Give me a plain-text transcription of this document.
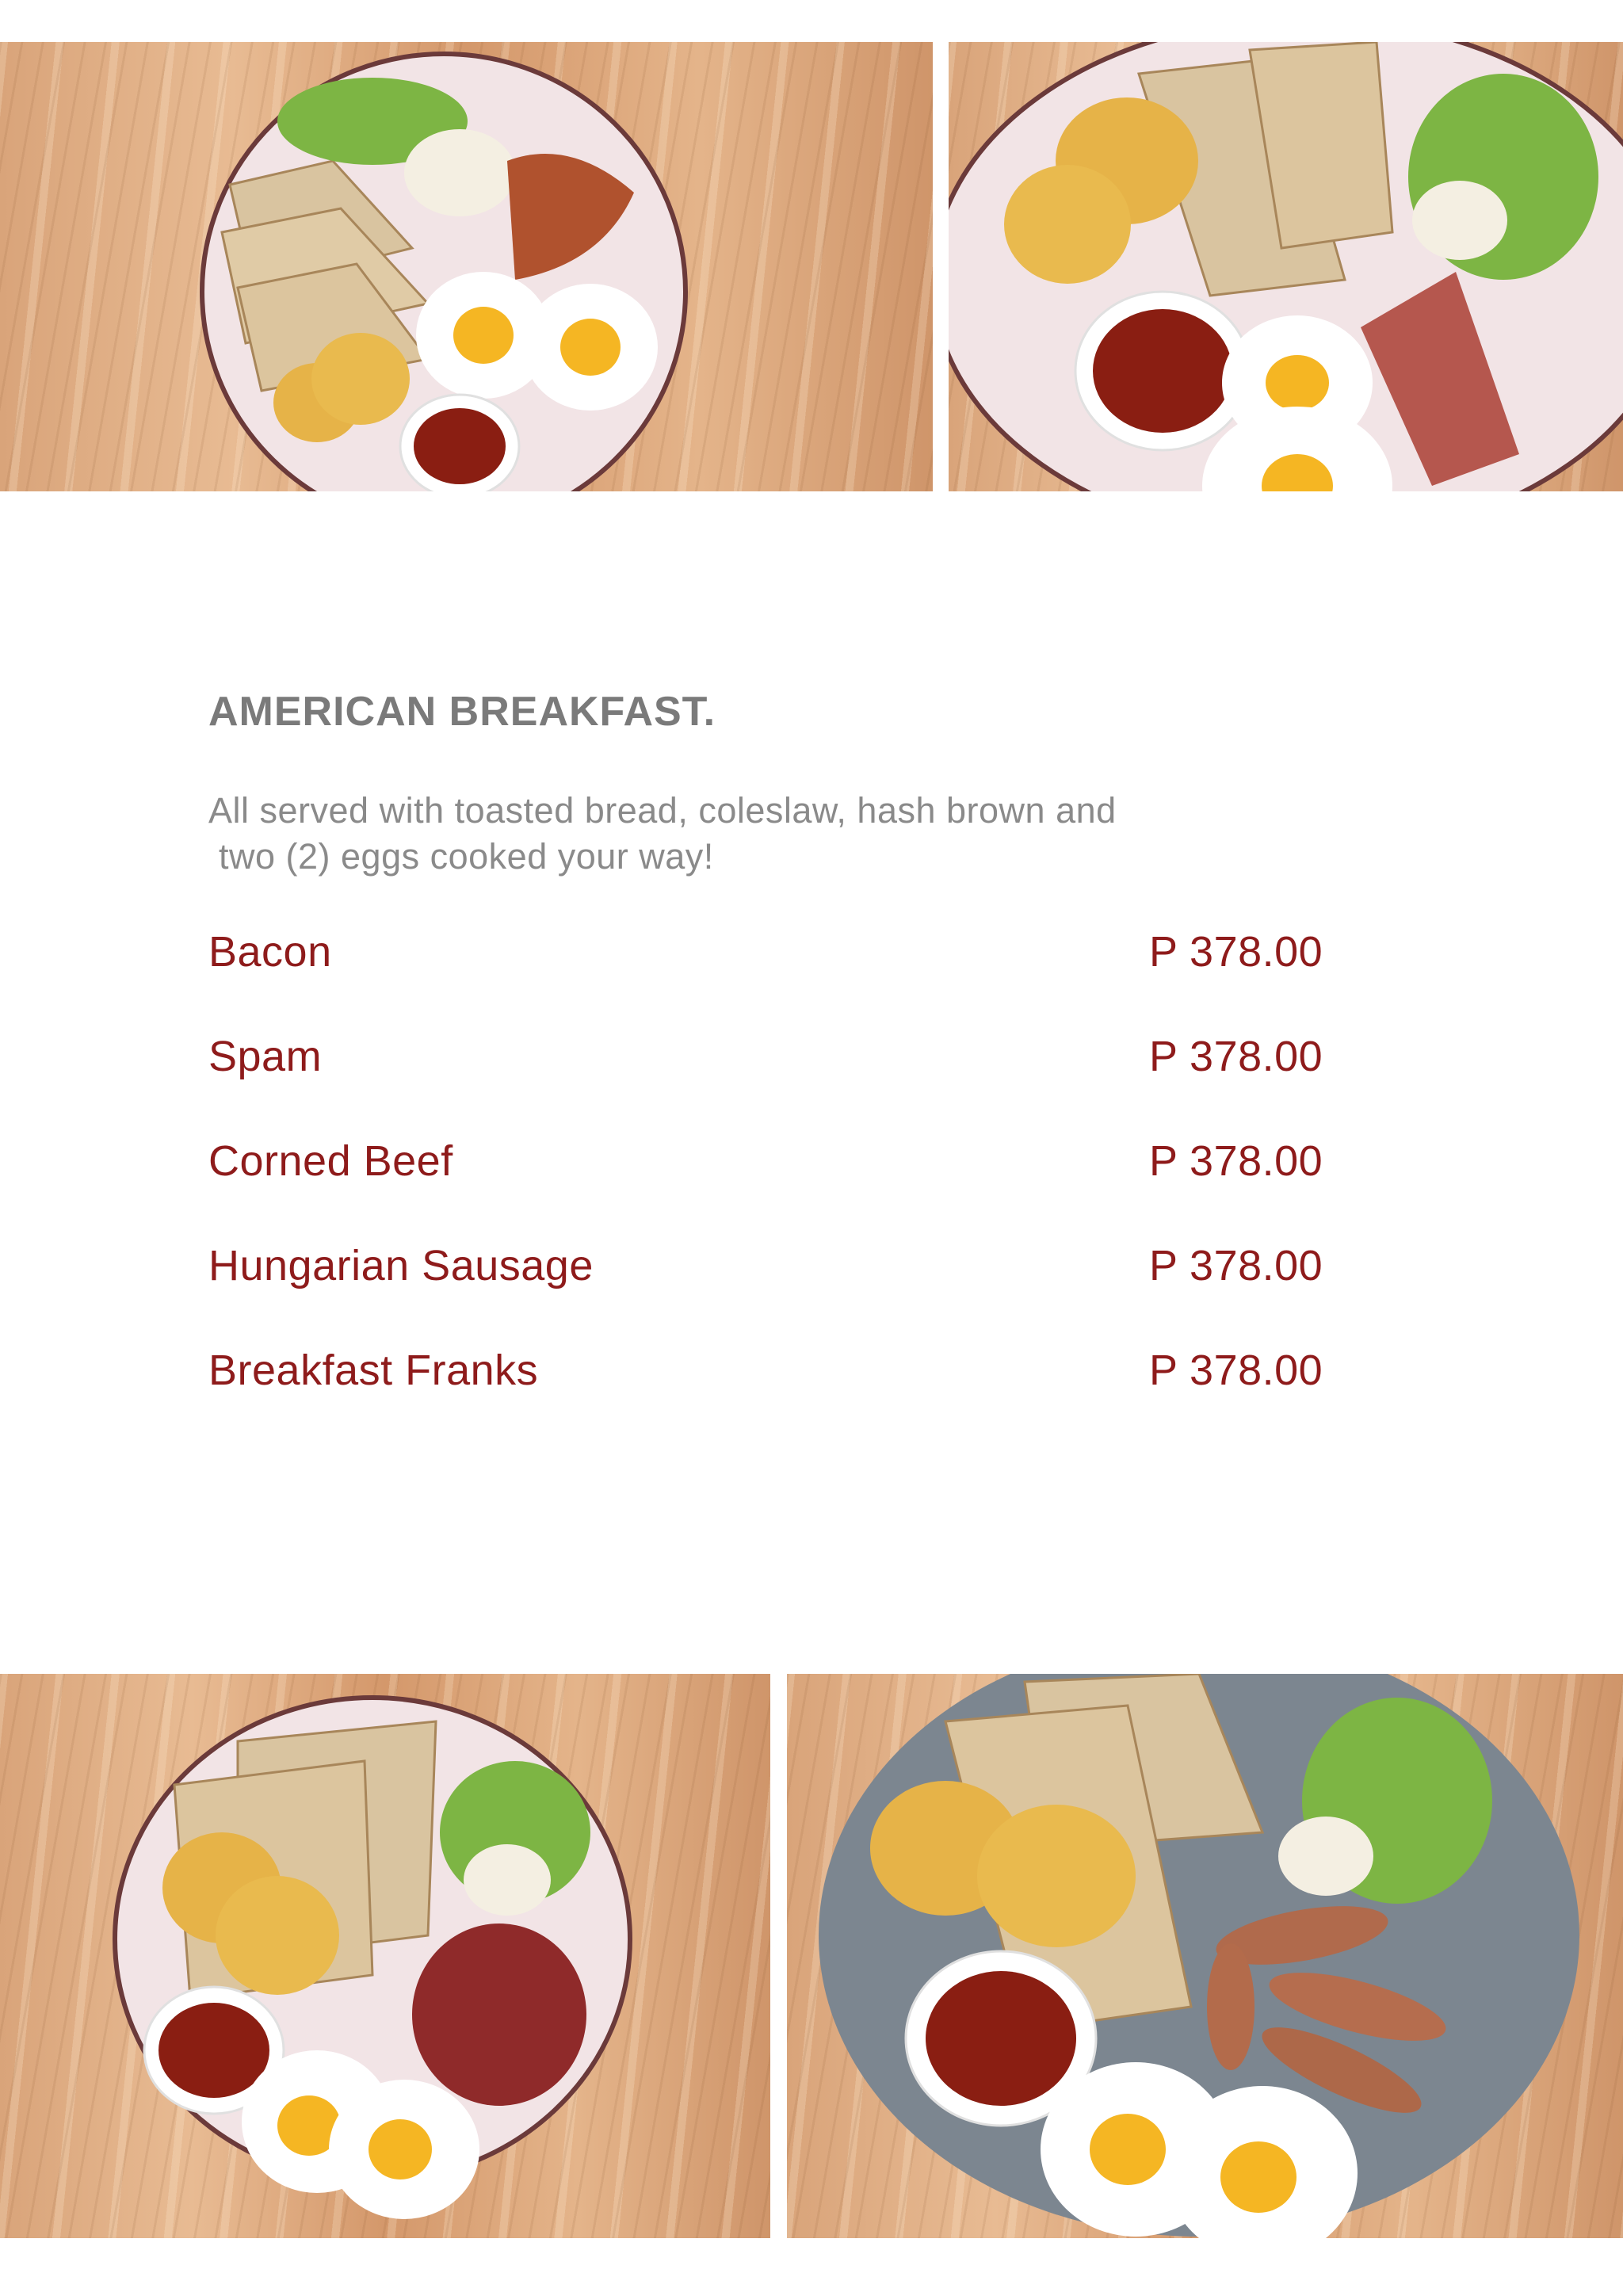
AMERICAN BREAKFAST.

All served with toasted bread, coleslaw, hash brown and
two (2) eggs cooked your way!

Bacon	P 378.00
Spam	P 378.00
Corned Beef	P 378.00
Hungarian Sausage	P 378.00
Breakfast Franks	P 378.00
